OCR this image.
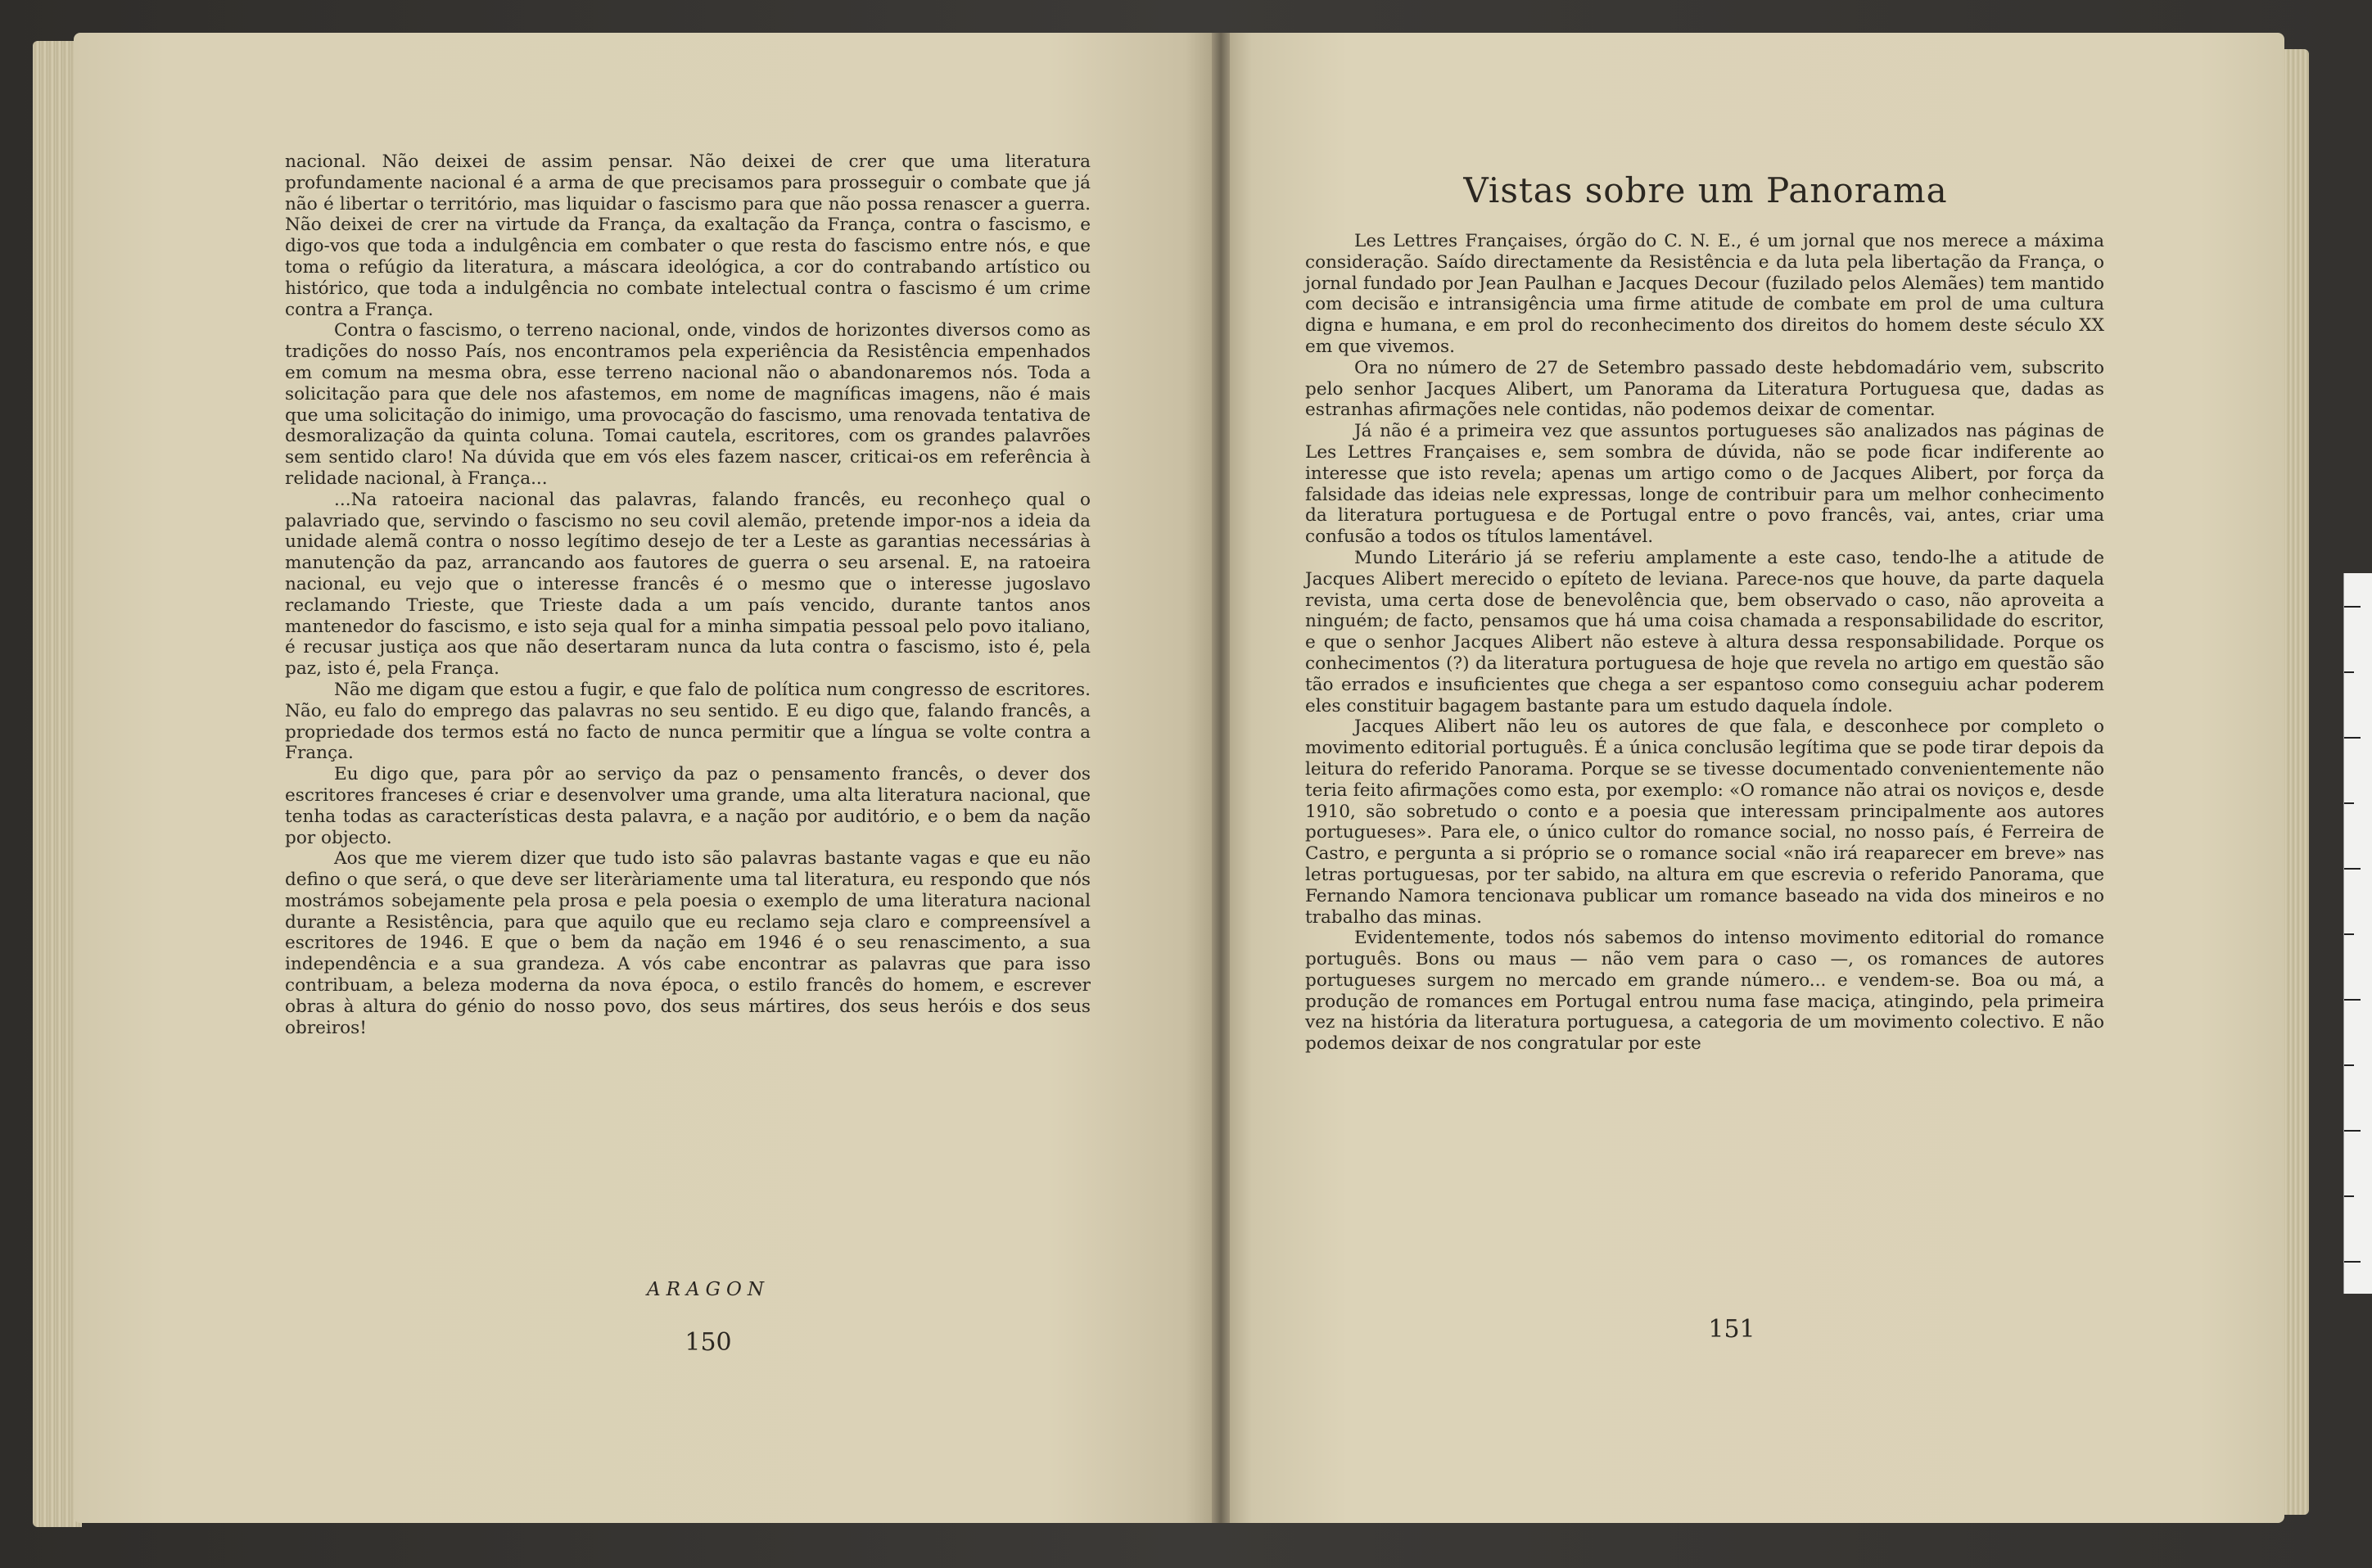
nacional. Não deixei de assim pensar. Não deixei de crer que uma literatura profundamente nacional é a arma de que precisamos para prosseguir o combate que já não é libertar o território, mas liquidar o fascismo para que não possa renascer a guerra. Não deixei de crer na virtude da França, da exaltação da França, contra o fascismo, e digo-vos que toda a indulgência em combater o que resta do fascismo entre nós, e que toma o refúgio da literatura, a máscara ideológica, a cor do contrabando artístico ou histórico, que toda a indulgência no combate intelectual contra o fascismo é um crime contra a França.

Contra o fascismo, o terreno nacional, onde, vindos de horizontes diversos como as tradições do nosso País, nos encontramos pela experiência da Resistência empenhados em comum na mesma obra, esse terreno nacional não o abandonaremos nós. Toda a solicitação para que dele nos afastemos, em nome de magníficas imagens, não é mais que uma solicitação do inimigo, uma provocação do fascismo, uma renovada tentativa de desmoralização da quinta coluna. Tomai cautela, escritores, com os grandes palavrões sem sentido claro! Na dúvida que em vós eles fazem nascer, criticai-os em referência à relidade nacional, à França...

...Na ratoeira nacional das palavras, falando francês, eu reconheço qual o palavriado que, servindo o fascismo no seu covil alemão, pretende impor-nos a ideia da unidade alemã contra o nosso legítimo desejo de ter a Leste as garantias necessárias à manutenção da paz, arrancando aos fautores de guerra o seu arsenal. E, na ratoeira nacional, eu vejo que o interesse francês é o mesmo que o interesse jugoslavo reclamando Trieste, que Trieste dada a um país vencido, durante tantos anos mantenedor do fascismo, e isto seja qual for a minha simpatia pessoal pelo povo italiano, é recusar justiça aos que não desertaram nunca da luta contra o fascismo, isto é, pela paz, isto é, pela França.

Não me digam que estou a fugir, e que falo de política num congresso de escritores. Não, eu falo do emprego das palavras no seu sentido. E eu digo que, falando francês, a propriedade dos termos está no facto de nunca permitir que a língua se volte contra a França.

Eu digo que, para pôr ao serviço da paz o pensamento francês, o dever dos escritores franceses é criar e desenvolver uma grande, uma alta literatura nacional, que tenha todas as características desta palavra, e a nação por auditório, e o bem da nação por objecto.

Aos que me vierem dizer que tudo isto são palavras bastante vagas e que eu não defino o que será, o que deve ser literàriamente uma tal literatura, eu respondo que nós mostrámos sobejamente pela prosa e pela poesia o exemplo de uma literatura nacional durante a Resistência, para que aquilo que eu reclamo seja claro e compreensível a escritores de 1946. E que o bem da nação em 1946 é o seu renascimento, a sua independência e a sua grandeza. A vós cabe encontrar as palavras que para isso contribuam, a beleza moderna da nova época, o estilo francês do homem, e escrever obras à altura do génio do nosso povo, dos seus mártires, dos seus heróis e dos seus obreiros!

ARAGON
150
Vistas sobre um Panorama

Les Lettres Françaises, órgão do C. N. E., é um jornal que nos merece a máxima consideração. Saído directamente da Resistência e da luta pela libertação da França, o jornal fundado por Jean Paulhan e Jacques Decour (fuzilado pelos Alemães) tem mantido com decisão e intransigência uma firme atitude de combate em prol de uma cultura digna e humana, e em prol do reconhecimento dos direitos do homem deste século XX em que vivemos.

Ora no número de 27 de Setembro passado deste hebdomadário vem, subscrito pelo senhor Jacques Alibert, um Panorama da Literatura Portuguesa que, dadas as estranhas afirmações nele contidas, não podemos deixar de comentar.

Já não é a primeira vez que assuntos portugueses são analizados nas páginas de Les Lettres Françaises e, sem sombra de dúvida, não se pode ficar indiferente ao interesse que isto revela; apenas um artigo como o de Jacques Alibert, por força da falsidade das ideias nele expressas, longe de contribuir para um melhor conhecimento da literatura portuguesa e de Portugal entre o povo francês, vai, antes, criar uma confusão a todos os títulos lamentável.

Mundo Literário já se referiu amplamente a este caso, tendo-lhe a atitude de Jacques Alibert merecido o epíteto de leviana. Parece-nos que houve, da parte daquela revista, uma certa dose de benevolência que, bem observado o caso, não aproveita a ninguém; de facto, pensamos que há uma coisa chamada a responsabilidade do escritor, e que o senhor Jacques Alibert não esteve à altura dessa responsabilidade. Porque os conhecimentos (?) da literatura portuguesa de hoje que revela no artigo em questão são tão errados e insuficientes que chega a ser espantoso como conseguiu achar poderem eles constituir bagagem bastante para um estudo daquela índole.

Jacques Alibert não leu os autores de que fala, e desconhece por completo o movimento editorial português. É a única conclusão legítima que se pode tirar depois da leitura do referido Panorama. Porque se se tivesse documentado convenientemente não teria feito afirmações como esta, por exemplo: «O romance não atrai os noviços e, desde 1910, são sobretudo o conto e a poesia que interessam principalmente aos autores portugueses». Para ele, o único cultor do romance social, no nosso país, é Ferreira de Castro, e pergunta a si próprio se o romance social «não irá reaparecer em breve» nas letras portuguesas, por ter sabido, na altura em que escrevia o referido Panorama, que Fernando Namora tencionava publicar um romance baseado na vida dos mineiros e no trabalho das minas.

Evidentemente, todos nós sabemos do intenso movimento editorial do romance português. Bons ou maus — não vem para o caso —, os romances de autores portugueses surgem no mercado em grande número... e vendem-se. Boa ou má, a produção de romances em Portugal entrou numa fase maciça, atingindo, pela primeira vez na história da literatura portuguesa, a categoria de um movimento colectivo. E não podemos deixar de nos congratular por este

151
